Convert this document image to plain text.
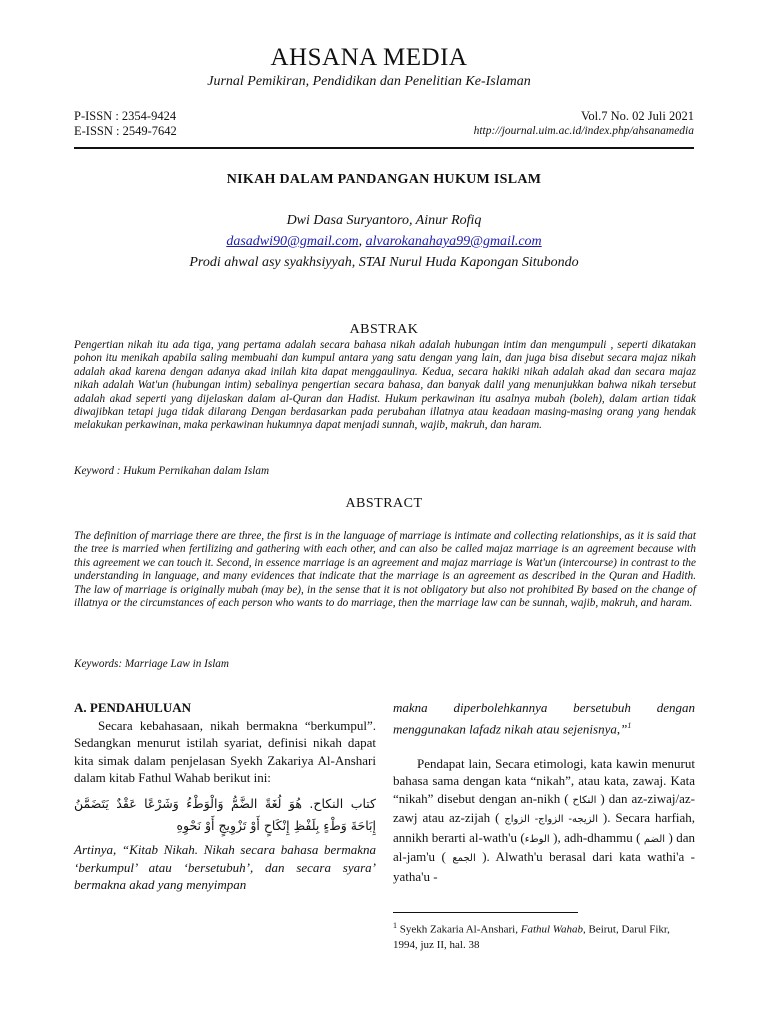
AHSANA MEDIA
Jurnal Pemikiran, Pendidikan dan Penelitian Ke-Islaman
P-ISSN : 2354-9424
E-ISSN : 2549-7642
Vol.7 No. 02 Juli 2021
http://journal.uim.ac.id/index.php/ahsanamedia
NIKAH DALAM PANDANGAN HUKUM ISLAM
Dwi Dasa Suryantoro, Ainur Rofiq
dasadwi90@gmail.com, alvarokanahaya99@gmail.com
Prodi ahwal asy syakhsiyyah, STAI Nurul Huda Kapongan Situbondo
ABSTRAK
Pengertian nikah itu ada tiga, yang pertama adalah secara bahasa nikah adalah hubungan intim dan mengumpuli , seperti dikatakan pohon itu menikah apabila saling membuahi dan kumpul antara yang satu dengan yang lain, dan juga bisa disebut secara majaz nikah adalah akad karena dengan adanya akad inilah kita dapat menggaulinya. Kedua, secara hakiki nikah adalah akad dan secara majaz nikah adalah Wat'un (hubungan intim) sebalinya pengertian secara bahasa, dan banyak dalil yang menunjukkan bahwa nikah tersebut adalah akad seperti yang dijelaskan dalam al-Quran dan Hadist. Hukum perkawinan itu asalnya mubah (boleh), dalam artian tidak diwajibkan tetapi juga tidak dilarang Dengan berdasarkan pada perubahan illatnya atau keadaan masing-masing orang yang hendak melakukan perkawinan, maka perkawinan hukumnya dapat menjadi sunnah, wajib, makruh, dan haram.
Keyword : Hukum Pernikahan dalam Islam
ABSTRACT
The definition of marriage there are three, the first is in the language of marriage is intimate and collecting relationships, as it is said that the tree is married when fertilizing and gathering with each other, and can also be called majaz marriage is an agreement because with this agreement we can touch it. Second, in essence marriage is an agreement and majaz marriage is Wat'un (intercourse) in contrast to the understanding in language, and many evidences that indicate that the marriage is an agreement as described in the Quran and Hadith. The law of marriage is originally mubah (may be), in the sense that it is not obligatory but also not prohibited By based on the change of illatnya or the circumstances of each person who wants to do marriage, then the marriage law can be sunnah, wajib, makruh, and haram.
Keywords: Marriage Law in Islam

A. PENDAHULUAN

Secara kebahasaan, nikah bermakna “berkumpul”. Sedangkan menurut istilah syariat, definisi nikah dapat kita simak dalam penjelasan Syekh Zakariya Al-Anshari dalam kitab Fathul Wahab berikut ini:

كتاب النكاح. هُوَ لُغَةً الضَّمُّ وَالْوَطْءُ وَشَرْعًا عَقْدٌ يَتَضَمَّنُ إِبَاحَةَ وَطْءٍ بِلَفْظِ إِنْكَاحٍ أَوْ تَزْوِيجٍ أَوْ نَحْوِهِ

Artinya, “Kitab Nikah. Nikah secara bahasa bermakna ‘berkumpul’ atau ‘bersetubuh’, dan secara syara’ bermakna akad yang menyimpan

makna diperbolehkannya bersetubuh dengan menggunakan lafadz nikah atau sejenisnya,”$^1$

Pendapat lain, Secara etimologi, kata kawin menurut bahasa sama dengan kata “nikah”, atau kata, zawaj. Kata “nikah” disebut dengan an-nikh ( النكاح ) dan az-ziwaj/az-zawj atau az-zijah ( الزيجه- الزواج- الزواج ). Secara harfiah, annikh berarti al-wath'u (الوطء ), adh-dhammu ( الضم ) dan al-jam'u ( الجمع ). Alwath'u berasal dari kata wathi'a - yatha'u -

$^1$ Syekh Zakaria Al-Anshari, Fathul Wahab, Beirut, Darul Fikr, 1994, juz II, hal. 38
